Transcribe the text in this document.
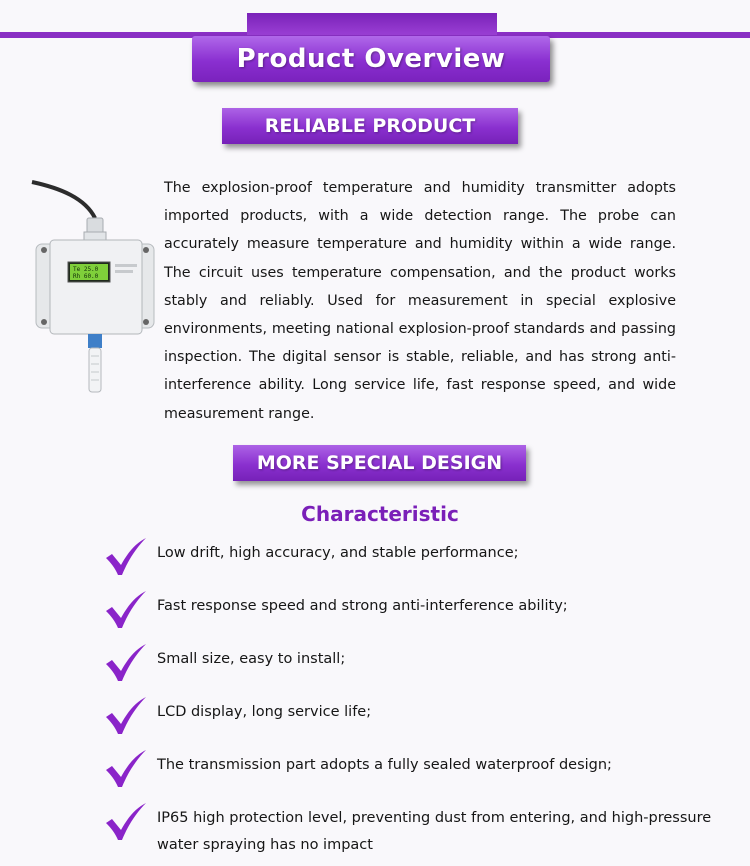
Product Overview
RELIABLE PRODUCT
Te 25.0
Rh 60.0

The explosion-proof temperature and humidity transmitter adopts imported products, with a wide detection range. The probe can accurately measure temperature and humidity within a wide range. The circuit uses temperature compensation, and the product works stably and reliably. Used for measurement in special explosive environments, meeting national explosion-proof standards and passing inspection. The digital sensor is stable, reliable, and has strong anti-interference ability. Long service life, fast response speed, and wide measurement range.

MORE SPECIAL DESIGN
Characteristic
Low drift, high accuracy, and stable performance;
Fast response speed and strong anti-interference ability;
Small size, easy to install;
LCD display, long service life;
The transmission part adopts a fully sealed waterproof design;
IP65 high protection level, preventing dust from entering, and high-pressure water spraying has no impact
